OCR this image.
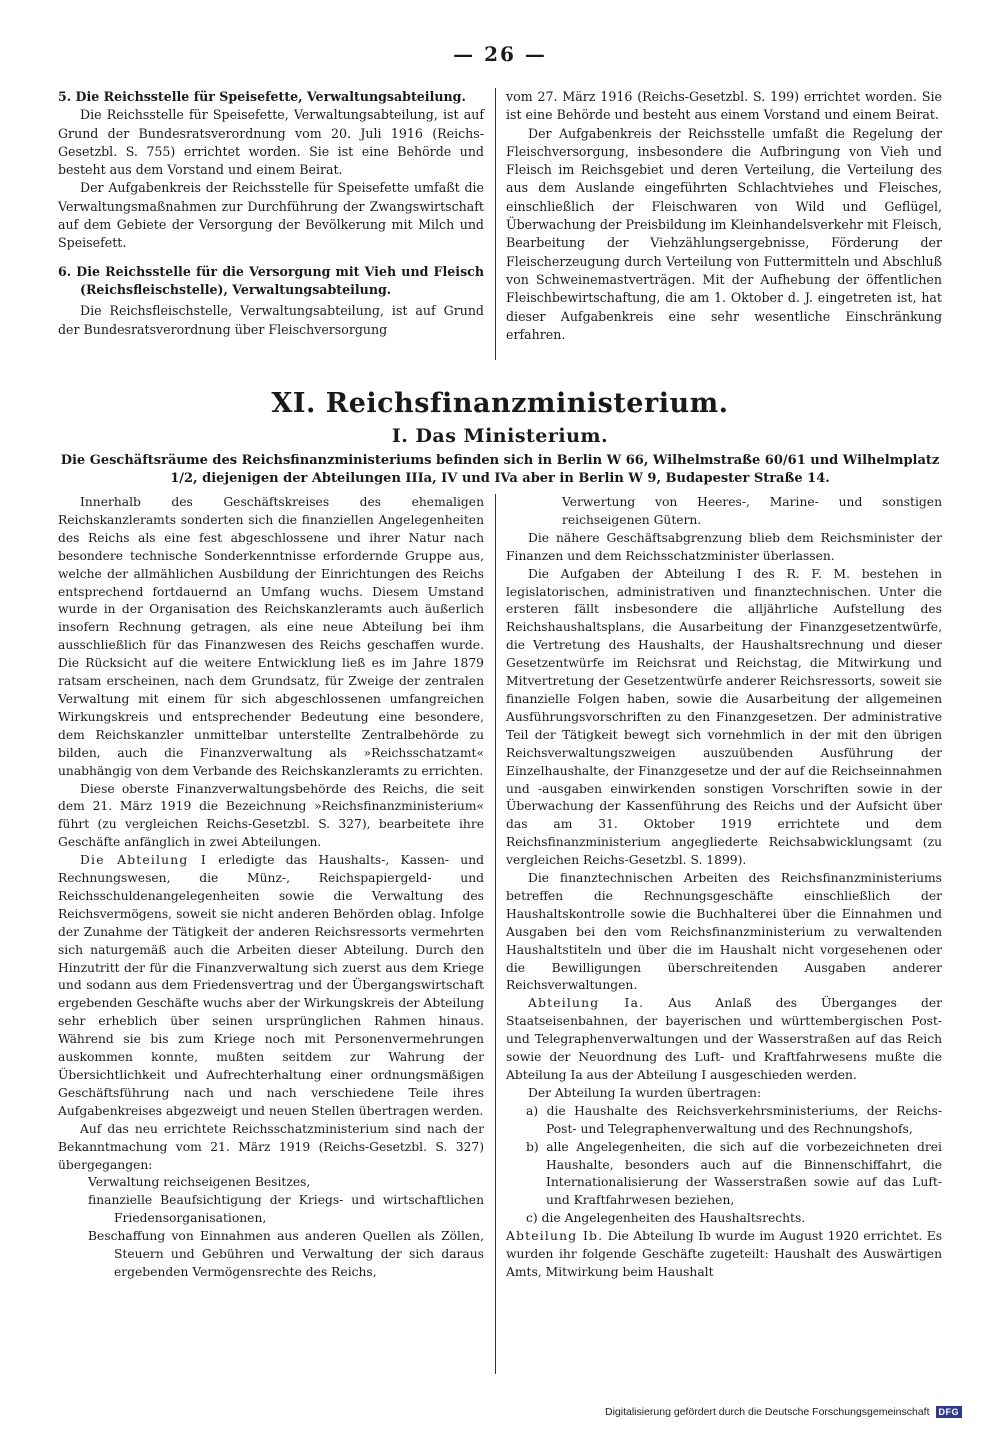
— 26 —

5. Die Reichsstelle für Speisefette, Verwaltungsabteilung.

Die Reichsstelle für Speisefette, Verwaltungsabteilung, ist auf Grund der Bundesratsverordnung vom 20. Juli 1916 (Reichs-Gesetzbl. S. 755) errichtet worden. Sie ist eine Behörde und besteht aus dem Vorstand und einem Beirat.

Der Aufgabenkreis der Reichsstelle für Speisefette umfaßt die Verwaltungsmaßnahmen zur Durchführung der Zwangswirtschaft auf dem Gebiete der Versorgung der Bevölkerung mit Milch und Speisefett.

6. Die Reichsstelle für die Versorgung mit Vieh und Fleisch (Reichsfleischstelle), Verwaltungsabteilung.

Die Reichsfleischstelle, Verwaltungsabteilung, ist auf Grund der Bundesratsverordnung über Fleischversorgung

vom 27. März 1916 (Reichs-Gesetzbl. S. 199) errichtet worden. Sie ist eine Behörde und besteht aus einem Vorstand und einem Beirat.

Der Aufgabenkreis der Reichsstelle umfaßt die Regelung der Fleischversorgung, insbesondere die Aufbringung von Vieh und Fleisch im Reichsgebiet und deren Verteilung, die Verteilung des aus dem Auslande eingeführten Schlachtviehes und Fleisches, einschließlich der Fleischwaren von Wild und Geflügel, Überwachung der Preisbildung im Kleinhandelsverkehr mit Fleisch, Bearbeitung der Viehzählungsergebnisse, Förderung der Fleischerzeugung durch Verteilung von Futtermitteln und Abschluß von Schweinemastverträgen. Mit der Aufhebung der öffentlichen Fleischbewirtschaftung, die am 1. Oktober d. J. eingetreten ist, hat dieser Aufgabenkreis eine sehr wesentliche Einschränkung erfahren.

XI. Reichsfinanzministerium.
I. Das Ministerium.
Die Geschäftsräume des Reichsfinanzministeriums befinden sich in Berlin W 66, Wilhelmstraße 60/61 und Wilhelmplatz 1/2, diejenigen der Abteilungen IIIa, IV und IVa aber in Berlin W 9, Budapester Straße 14.

Innerhalb des Geschäftskreises des ehemaligen Reichskanzleramts sonderten sich die finanziellen Angelegenheiten des Reichs als eine fest abgeschlossene und ihrer Natur nach besondere technische Sonderkenntnisse erfordernde Gruppe aus, welche der allmählichen Ausbildung der Einrichtungen des Reichs entsprechend fortdauernd an Umfang wuchs. Diesem Umstand wurde in der Organisation des Reichskanzleramts auch äußerlich insofern Rechnung getragen, als eine neue Abteilung bei ihm ausschließlich für das Finanzwesen des Reichs geschaffen wurde. Die Rücksicht auf die weitere Entwicklung ließ es im Jahre 1879 ratsam erscheinen, nach dem Grundsatz, für Zweige der zentralen Verwaltung mit einem für sich abgeschlossenen umfangreichen Wirkungskreis und entsprechender Bedeutung eine besondere, dem Reichskanzler unmittelbar unterstellte Zentralbehörde zu bilden, auch die Finanzverwaltung als »Reichsschatzamt« unabhängig von dem Verbande des Reichskanzleramts zu errichten.

Diese oberste Finanzverwaltungsbehörde des Reichs, die seit dem 21. März 1919 die Bezeichnung »Reichsfinanzministerium« führt (zu vergleichen Reichs-Gesetzbl. S. 327), bearbeitete ihre Geschäfte anfänglich in zwei Abteilungen.

Die Abteilung I erledigte das Haushalts-, Kassen- und Rechnungswesen, die Münz-, Reichspapiergeld- und Reichsschuldenangelegenheiten sowie die Verwaltung des Reichsvermögens, soweit sie nicht anderen Behörden oblag. Infolge der Zunahme der Tätigkeit der anderen Reichsressorts vermehrten sich naturgemäß auch die Arbeiten dieser Abteilung. Durch den Hinzutritt der für die Finanzverwaltung sich zuerst aus dem Kriege und sodann aus dem Friedensvertrag und der Übergangswirtschaft ergebenden Geschäfte wuchs aber der Wirkungskreis der Abteilung sehr erheblich über seinen ursprünglichen Rahmen hinaus. Während sie bis zum Kriege noch mit Personenvermehrungen auskommen konnte, mußten seitdem zur Wahrung der Übersichtlichkeit und Aufrechterhaltung einer ordnungsmäßigen Geschäftsführung nach und nach verschiedene Teile ihres Aufgabenkreises abgezweigt und neuen Stellen übertragen werden.

Auf das neu errichtete Reichsschatzministerium sind nach der Bekanntmachung vom 21. März 1919 (Reichs-Gesetzbl. S. 327) übergegangen:

Verwaltung reichseigenen Besitzes,
finanzielle Beaufsichtigung der Kriegs- und wirtschaftlichen Friedensorganisationen,
Beschaffung von Einnahmen aus anderen Quellen als Zöllen, Steuern und Gebühren und Verwaltung der sich daraus ergebenden Vermögensrechte des Reichs,
Verwertung von Heeres-, Marine- und sonstigen reichseigenen Gütern.

Die nähere Geschäftsabgrenzung blieb dem Reichsminister der Finanzen und dem Reichsschatzminister überlassen.

Die Aufgaben der Abteilung I des R. F. M. bestehen in legislatorischen, administrativen und finanztechnischen. Unter die ersteren fällt insbesondere die alljährliche Aufstellung des Reichshaushaltsplans, die Ausarbeitung der Finanzgesetzentwürfe, die Vertretung des Haushalts, der Haushaltsrechnung und dieser Gesetzentwürfe im Reichsrat und Reichstag, die Mitwirkung und Mitvertretung der Gesetzentwürfe anderer Reichsressorts, soweit sie finanzielle Folgen haben, sowie die Ausarbeitung der allgemeinen Ausführungsvorschriften zu den Finanzgesetzen. Der administrative Teil der Tätigkeit bewegt sich vornehmlich in der mit den übrigen Reichsverwaltungszweigen auszuübenden Ausführung der Einzelhaushalte, der Finanzgesetze und der auf die Reichseinnahmen und -ausgaben einwirkenden sonstigen Vorschriften sowie in der Überwachung der Kassenführung des Reichs und der Aufsicht über das am 31. Oktober 1919 errichtete und dem Reichsfinanzministerium angegliederte Reichsabwicklungsamt (zu vergleichen Reichs-Gesetzbl. S. 1899).

Die finanztechnischen Arbeiten des Reichsfinanzministeriums betreffen die Rechnungsgeschäfte einschließlich der Haushaltskontrolle sowie die Buchhalterei über die Einnahmen und Ausgaben bei den vom Reichsfinanzministerium zu verwaltenden Haushaltstiteln und über die im Haushalt nicht vorgesehenen oder die Bewilligungen überschreitenden Ausgaben anderer Reichsverwaltungen.

Abteilung Ia. Aus Anlaß des Überganges der Staatseisenbahnen, der bayerischen und württembergischen Post- und Telegraphenverwaltungen und der Wasserstraßen auf das Reich sowie der Neuordnung des Luft- und Kraftfahrwesens mußte die Abteilung Ia aus der Abteilung I ausgeschieden werden.

Der Abteilung Ia wurden übertragen:

a) die Haushalte des Reichsverkehrsministeriums, der Reichs-Post- und Telegraphenverwaltung und des Rechnungshofs,
b) alle Angelegenheiten, die sich auf die vorbezeichneten drei Haushalte, besonders auch auf die Binnenschiffahrt, die Internationalisierung der Wasserstraßen sowie auf das Luft- und Kraftfahrwesen beziehen,
c) die Angelegenheiten des Haushaltsrechts.

Abteilung Ib. Die Abteilung Ib wurde im August 1920 errichtet. Es wurden ihr folgende Geschäfte zugeteilt: Haushalt des Auswärtigen Amts, Mitwirkung beim Haushalt

Digitalisierung gefördert durch die Deutsche Forschungsgemeinschaft	DFG
